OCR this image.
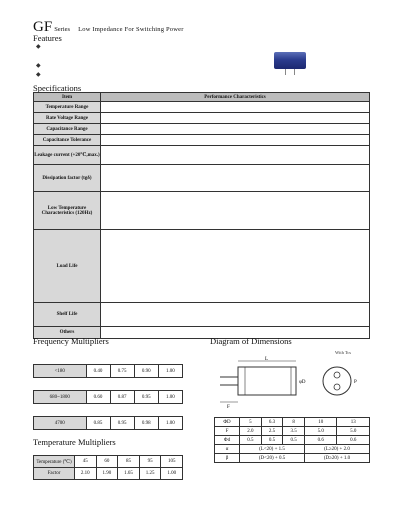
GF Series Low Impedance For Switching Power
Features
◆
◆
◆
Specifications
Item	Performance Characteristics
Temperature Range	
Rate Voltage Range	
Capacitance Range	
Capacitance Tolerance	
Leakage current (+20℃,max.)	
Dissipation factor (tgδ)	
Low Temperature Characteristics (120Hz)	
Load Life	
Shelf Life	
Others	
Frequency Multipliers

<180	0.40	0.75	0.90	1.00

680~1800	0.60	0.87	0.95	1.00

4700	0.85	0.95	0.98	1.00
Temperature Multipliers
Temperature (℃)	45	60	85	95	105
Factor	2.10	1.90	1.65	1.25	1.00
Diagram of Dimensions
With Tcs
L
F
φD	P
ΦD	5	6.3	8	10	13
F	2.0	2.5	3.5	5.0	5.0
Φd	0.5	0.5	0.5	0.6	0.6
α	(L<20) + 1.5			(L≥20) + 2.0	
β	(D<20) + 0.5			(D≥20) + 1.0	
